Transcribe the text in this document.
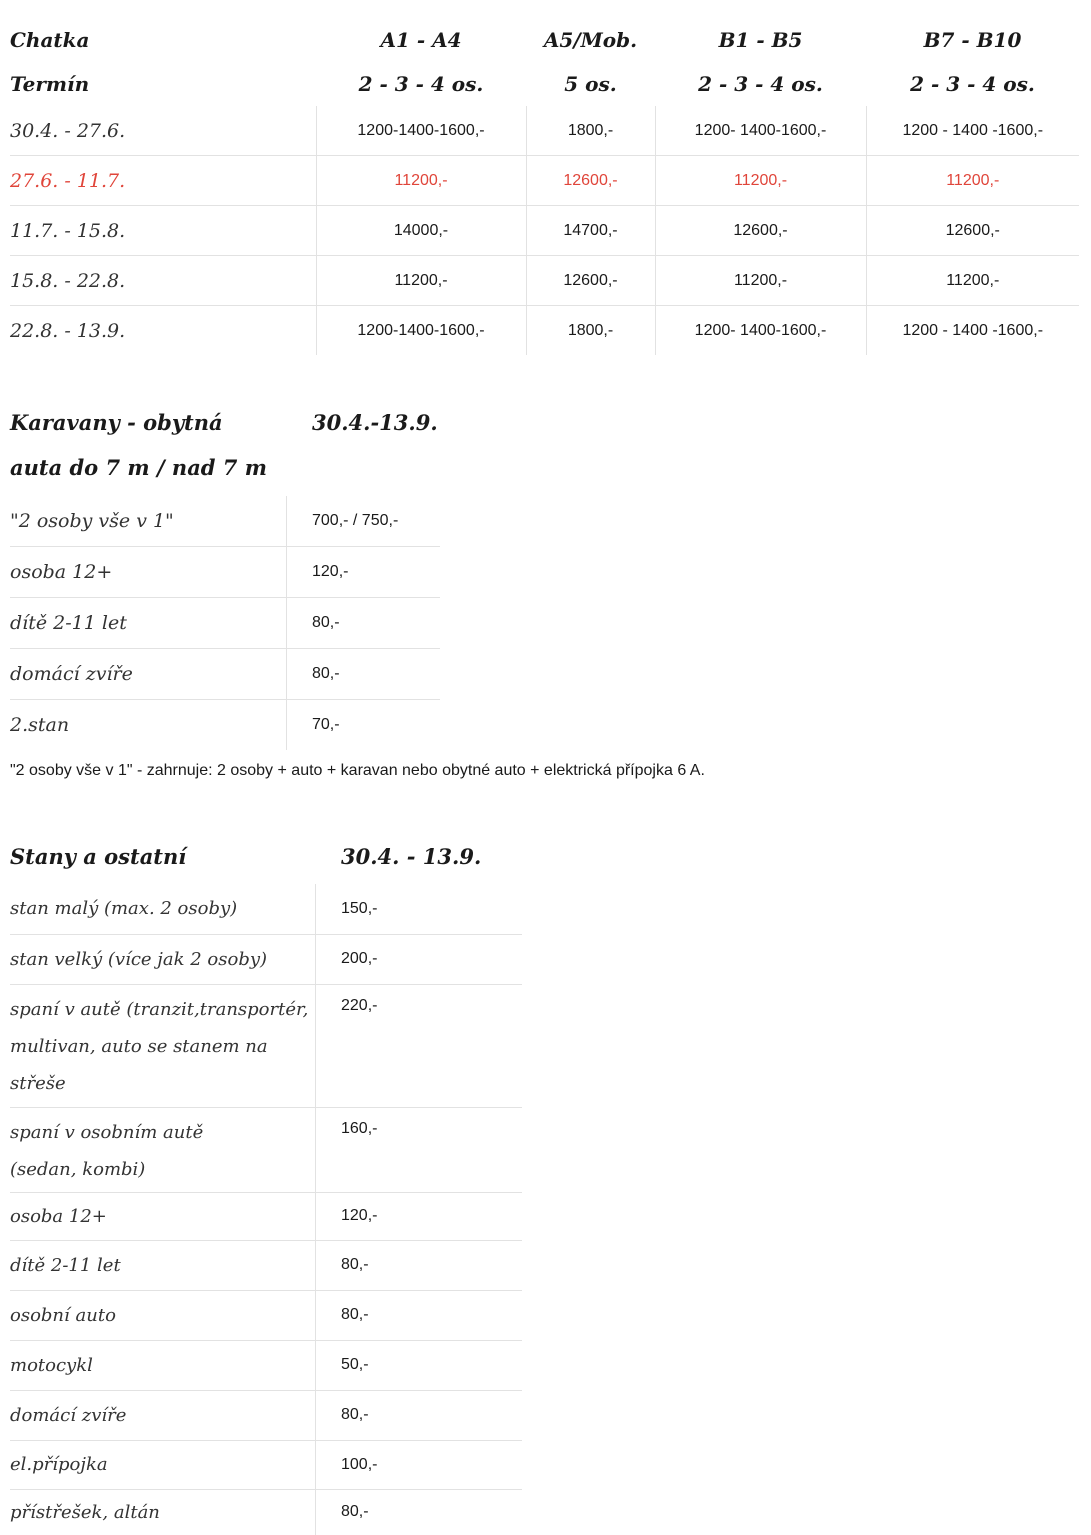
Chatka	A1 - A4	A5/Mob.	B1 - B5	B7 - B10
Termín	2 - 3 - 4 os.	5 os.	2 - 3 - 4 os.	2 - 3 - 4 os.
30.4. - 27.6.	1200-1400-1600,-	1800,-	1200- 1400-1600,-	1200 - 1400 -1600,-
27.6. - 11.7.	11200,-	12600,-	11200,-	11200,-
11.7. - 15.8.	14000,-	14700,-	12600,-	12600,-
15.8. - 22.8.	11200,-	12600,-	11200,-	11200,-
22.8. - 13.9.	1200-1400-1600,-	1800,-	1200- 1400-1600,-	1200 - 1400 -1600,-
Karavany - obytná	30.4.-13.9.
auta do 7 m / nad 7 m
"2 osoby vše v 1"	700,- / 750,-
osoba 12+	120,-
dítě 2-11 let	80,-
domácí zvíře	80,-
2.stan	70,-
"2 osoby vše v 1" - zahrnuje: 2 osoby + auto + karavan nebo obytné auto + elektrická přípojka 6 A.
Stany a ostatní	30.4. - 13.9.
stan malý (max. 2 osoby)	150,-
stan velký (více jak 2 osoby)	200,-

spaní v autě (tranzit,transportér,
multivan, auto se stanem na
střeše	220,-

spaní v osobním autě
(sedan, kombi)	160,-
osoba 12+	120,-
dítě 2-11 let	80,-
osobní auto	80,-
motocykl	50,-
domácí zvíře	80,-
el.přípojka	100,-
přístřešek, altán	80,-
